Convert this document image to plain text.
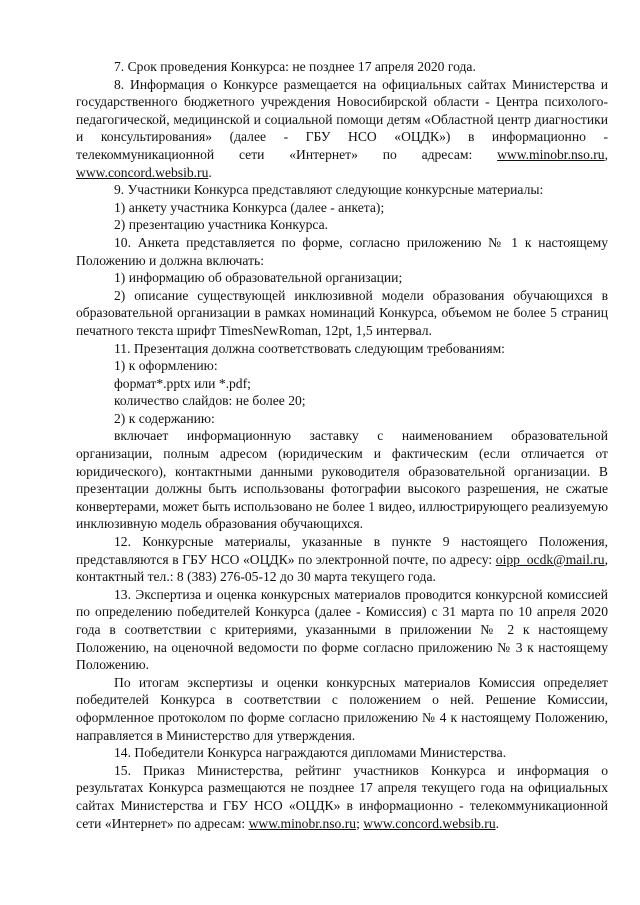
7. Срок проведения Конкурса: не позднее 17 апреля 2020 года.

8. Информация о Конкурсе размещается на официальных сайтах Министерства и государственного бюджетного учреждения Новосибирской области - Центра психолого-педагогической, медицинской и социальной помощи детям «Областной центр диагностики и консультирования» (далее - ГБУ НСО «ОЦДК») в информационно - телекоммуникационной сети «Интернет» по адресам: www.minobr.nso.ru, www.concord.websib.ru.

9. Участники Конкурса представляют следующие конкурсные материалы:

1) анкету участника Конкурса (далее - анкета);

2) презентацию участника Конкурса.

10. Анкета представляется по форме, согласно приложению № 1 к настоящему Положению и должна включать:

1) информацию об образовательной организации;

2) описание существующей инклюзивной модели образования обучающихся в образовательной организации в рамках номинаций Конкурса, объемом не более 5 страниц печатного текста шрифт TimesNewRoman, 12pt, 1,5 интервал.

11. Презентация должна соответствовать следующим требованиям:

1) к оформлению:

формат*.pptx или *.pdf;

количество слайдов: не более 20;

2) к содержанию:

включает информационную заставку с наименованием образовательной организации, полным адресом (юридическим и фактическим (если отличается от юридического), контактными данными руководителя образовательной организации. В презентации должны быть использованы фотографии высокого разрешения, не сжатые конвертерами, может быть использовано не более 1 видео, иллюстрирующего реализуемую инклюзивную модель образования обучающихся.

12. Конкурсные материалы, указанные в пункте 9 настоящего Положения, представляются в ГБУ НСО «ОЦДК» по электронной почте, по адресу: oipp_ocdk@mail.ru, контактный тел.: 8 (383) 276-05-12 до 30 марта текущего года.

13. Экспертиза и оценка конкурсных материалов проводится конкурсной комиссией по определению победителей Конкурса (далее - Комиссия) с 31 марта по 10 апреля 2020 года в соответствии с критериями, указанными в приложении № 2 к настоящему Положению, на оценочной ведомости по форме согласно приложению № 3 к настоящему Положению.

По итогам экспертизы и оценки конкурсных материалов Комиссия определяет победителей Конкурса в соответствии с положением о ней. Решение Комиссии, оформленное протоколом по форме согласно приложению № 4 к настоящему Положению, направляется в Министерство для утверждения.

14. Победители Конкурса награждаются дипломами Министерства.

15. Приказ Министерства, рейтинг участников Конкурса и информация о результатах Конкурса размещаются не позднее 17 апреля текущего года на официальных сайтах Министерства и ГБУ НСО «ОЦДК» в информационно - телекоммуникационной сети «Интернет» по адресам: www.minobr.nso.ru; www.concord.websib.ru.
